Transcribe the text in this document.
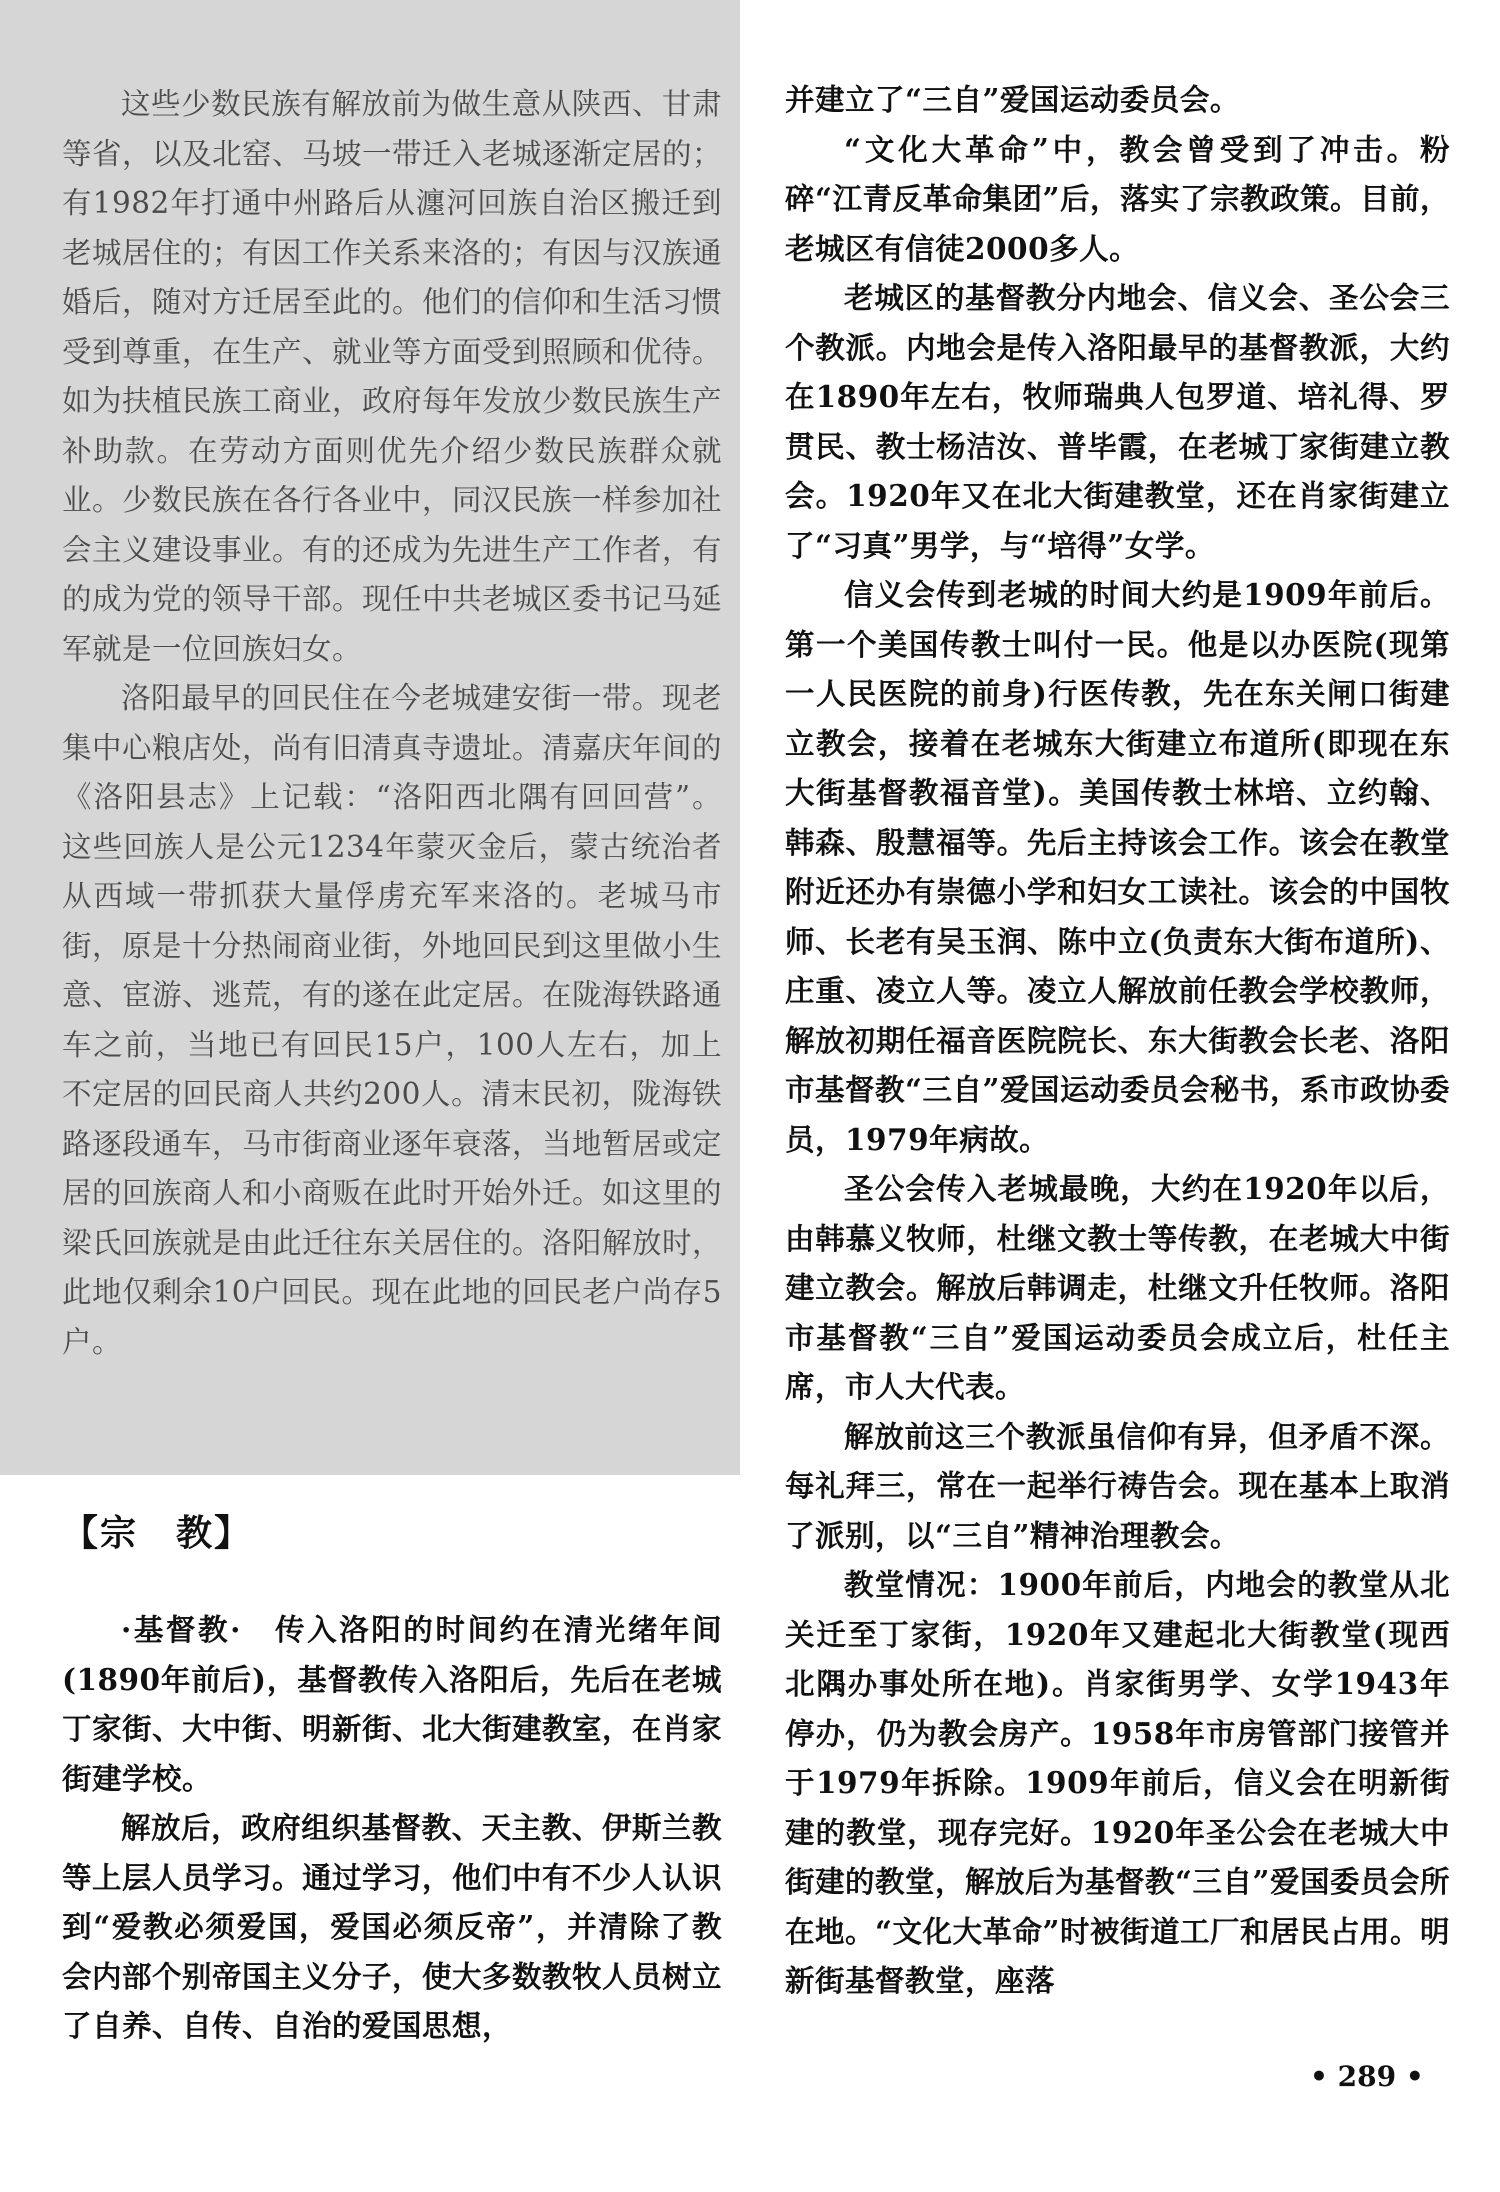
这些少数民族有解放前为做生意从陕西、甘肃等省，以及北窑、马坡一带迁入老城逐渐定居的；有1982年打通中州路后从瀍河回族自治区搬迁到老城居住的；有因工作关系来洛的；有因与汉族通婚后，随对方迁居至此的。他们的信仰和生活习惯受到尊重，在生产、就业等方面受到照顾和优待。如为扶植民族工商业，政府每年发放少数民族生产补助款。在劳动方面则优先介绍少数民族群众就业。少数民族在各行各业中，同汉民族一样参加社会主义建设事业。有的还成为先进生产工作者，有的成为党的领导干部。现任中共老城区委书记马延军就是一位回族妇女。

洛阳最早的回民住在今老城建安街一带。现老集中心粮店处，尚有旧清真寺遗址。清嘉庆年间的《洛阳县志》上记载：“洛阳西北隅有回回营”。这些回族人是公元1234年蒙灭金后，蒙古统治者从西域一带抓获大量俘虏充军来洛的。老城马市街，原是十分热闹商业街，外地回民到这里做小生意、宦游、逃荒，有的遂在此定居。在陇海铁路通车之前，当地已有回民15户，100人左右，加上不定居的回民商人共约200人。清末民初，陇海铁路逐段通车，马市街商业逐年衰落，当地暂居或定居的回族商人和小商贩在此时开始外迁。如这里的梁氏回族就是由此迁往东关居住的。洛阳解放时，此地仅剩余10户回民。现在此地的回民老户尚存5户。

【宗　教】

·基督教·　 传入洛阳的时间约在清光绪年间(1890年前后)，基督教传入洛阳后，先后在老城丁家街、大中街、明新街、北大街建教室，在肖家街建学校。

解放后，政府组织基督教、天主教、伊斯兰教等上层人员学习。通过学习，他们中有不少人认识到“爱教必须爱国，爱国必须反帝”，并清除了教会内部个别帝国主义分子，使大多数教牧人员树立了自养、自传、自治的爱国思想，

并建立了“三自”爱国运动委员会。

“文化大革命”中，教会曾受到了冲击。粉碎“江青反革命集团”后，落实了宗教政策。目前，老城区有信徒2000多人。

老城区的基督教分内地会、信义会、圣公会三个教派。内地会是传入洛阳最早的基督教派，大约在1890年左右，牧师瑞典人包罗道、培礼得、罗贯民、教士杨洁汝、普毕霞，在老城丁家街建立教会。1920年又在北大街建教堂，还在肖家街建立了“习真”男学，与“培得”女学。

信义会传到老城的时间大约是1909年前后。第一个美国传教士叫付一民。他是以办医院(现第一人民医院的前身)行医传教，先在东关闸口街建立教会，接着在老城东大街建立布道所(即现在东大街基督教福音堂)。美国传教士林培、立约翰、韩森、殷慧福等。先后主持该会工作。该会在教堂附近还办有崇德小学和妇女工读社。该会的中国牧师、长老有吴玉润、陈中立(负责东大街布道所)、庄重、凌立人等。凌立人解放前任教会学校教师，解放初期任福音医院院长、东大街教会长老、洛阳市基督教“三自”爱国运动委员会秘书，系市政协委员，1979年病故。

圣公会传入老城最晚，大约在1920年以后，由韩慕义牧师，杜继文教士等传教，在老城大中街建立教会。解放后韩调走，杜继文升任牧师。洛阳市基督教“三自”爱国运动委员会成立后，杜任主席，市人大代表。

解放前这三个教派虽信仰有异，但矛盾不深。每礼拜三，常在一起举行祷告会。现在基本上取消了派别，以“三自”精神治理教会。

教堂情况：1900年前后，内地会的教堂从北关迁至丁家街，1920年又建起北大街教堂(现西北隅办事处所在地)。肖家街男学、女学1943年停办，仍为教会房产。1958年市房管部门接管并于1979年拆除。1909年前后，信义会在明新街建的教堂，现存完好。1920年圣公会在老城大中街建的教堂，解放后为基督教“三自”爱国委员会所在地。“文化大革命”时被街道工厂和居民占用。明新街基督教堂，座落

• 289 •
